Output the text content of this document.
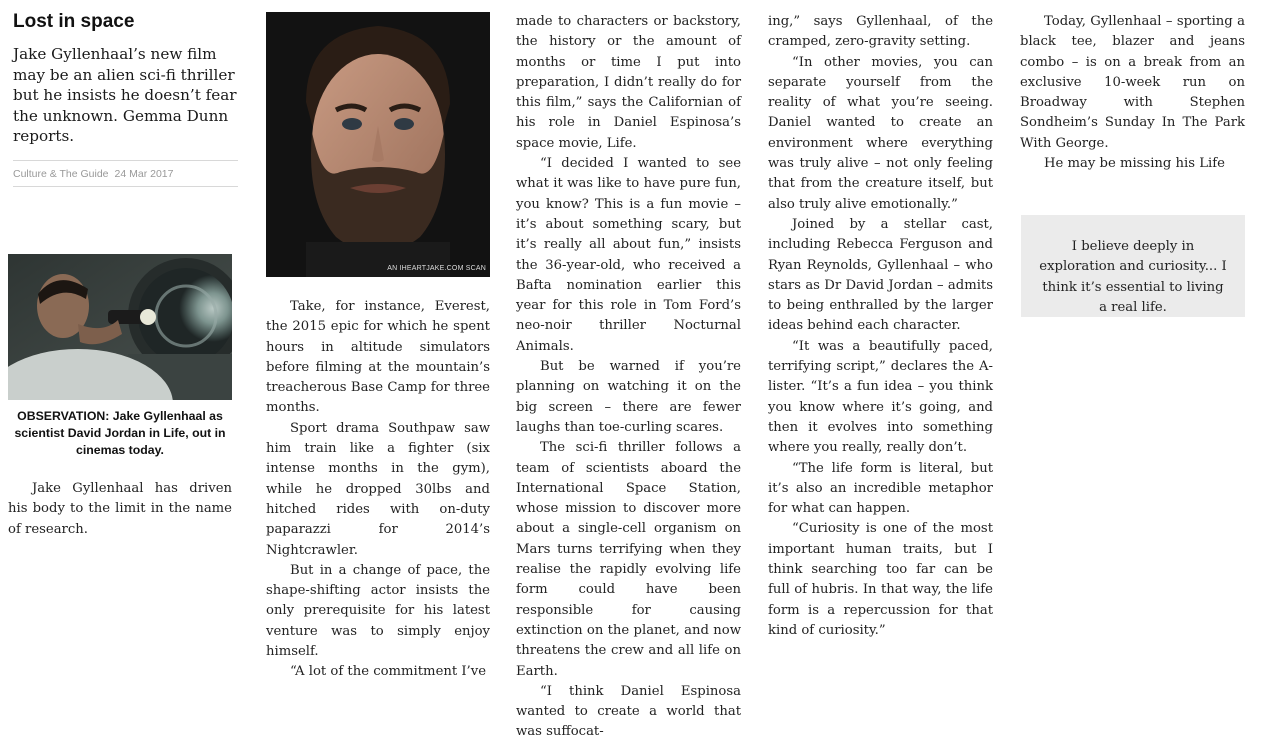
Lost in space

Jake Gyllenhaal’s new film may be an alien sci-fi thriller but he insists he doesn’t fear the unknown. Gemma Dunn reports.

Culture & The Guide 24 Mar 2017
OBSERVATION: Jake Gyllenhaal as scientist David Jordan in Life, out in cinemas today.

Jake Gyllenhaal has driven his body to the limit in the name of research.

AN IHEARTJAKE.COM SCAN

Take, for instance, Everest, the 2015 epic for which he spent hours in altitude simulators before filming at the mountain’s treacherous Base Camp for three months.

Sport drama Southpaw saw him train like a fighter (six intense months in the gym), while he dropped 30lbs and hitched rides with on-duty paparazzi for 2014’s Nightcrawler.

But in a change of pace, the shape-shifting actor insists the only prerequisite for his latest venture was to simply enjoy himself.

“A lot of the commitment I’ve

made to characters or backstory, the history or the amount of months or time I put into preparation, I didn’t really do for this film,” says the Californian of his role in Daniel Espinosa’s space movie, Life.

“I decided I wanted to see what it was like to have pure fun, you know? This is a fun movie – it’s about something scary, but it’s really all about fun,” insists the 36-year-old, who received a Bafta nomination earlier this year for this role in Tom Ford’s neo-noir thriller Nocturnal Animals.

But be warned if you’re planning on watching it on the big screen – there are fewer laughs than toe-curling scares.

The sci-fi thriller follows a team of scientists aboard the International Space Station, whose mission to discover more about a single-cell organism on Mars turns terrifying when they realise the rapidly evolving life form could have been responsible for causing extinction on the planet, and now threatens the crew and all life on Earth.

“I think Daniel Espinosa wanted to create a world that was suffocat-

ing,” says Gyllenhaal, of the cramped, zero-gravity setting.

“In other movies, you can separate yourself from the reality of what you’re seeing. Daniel wanted to create an environment where everything was truly alive – not only feeling that from the creature itself, but also truly alive emotionally.”

Joined by a stellar cast, including Rebecca Ferguson and Ryan Reynolds, Gyllenhaal – who stars as Dr David Jordan – admits to being enthralled by the larger ideas behind each character.

“It was a beautifully paced, terrifying script,” declares the A-lister. “It’s a fun idea – you think you know where it’s going, and then it evolves into something where you really, really don’t.

“The life form is literal, but it’s also an incredible metaphor for what can happen.

“Curiosity is one of the most important human traits, but I think searching too far can be full of hubris. In that way, the life form is a repercussion for that kind of curiosity.”

Today, Gyllenhaal – sporting a black tee, blazer and jeans combo – is on a break from an exclusive 10-week run on Broadway with Stephen Sondheim’s Sunday In The Park With George.

He may be missing his Life

I believe deeply in exploration and curiosity... I think it’s essential to living a real life.
